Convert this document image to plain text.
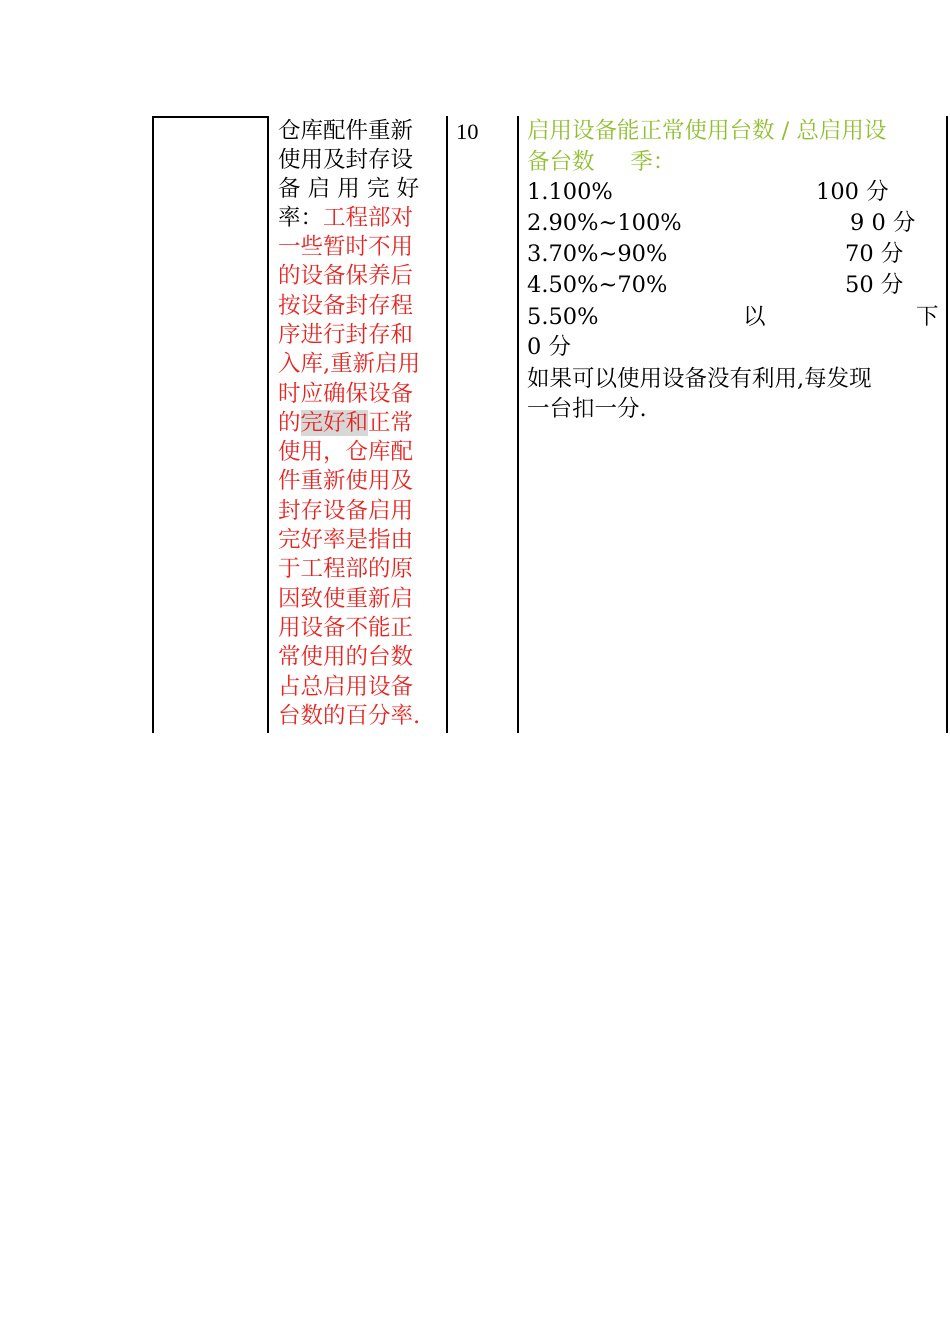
仓库配件重新
使用及封存设
备 启 用 完 好
率：工程部对
一些暂时不用
的设备保养后
按设备封存程
序进行封存和
入库,重新启用
时应确保设备
的完好和正常
使用，仓库配
件重新使用及
封存设备启用
完好率是指由
于工程部的原
因致使重新启
用设备不能正
常使用的台数
占总启用设备
台数的百分率.
10 启用设备能正常使用台数 / 总启用设
备台数     季：
1.100%	100 分
2.90%~100%	9 0 分
3.70%~90%	70 分
4.50%~70%	50 分
5.50%	以	下
0 分
如果可以使用设备没有利用,每发现
一台扣一分.
